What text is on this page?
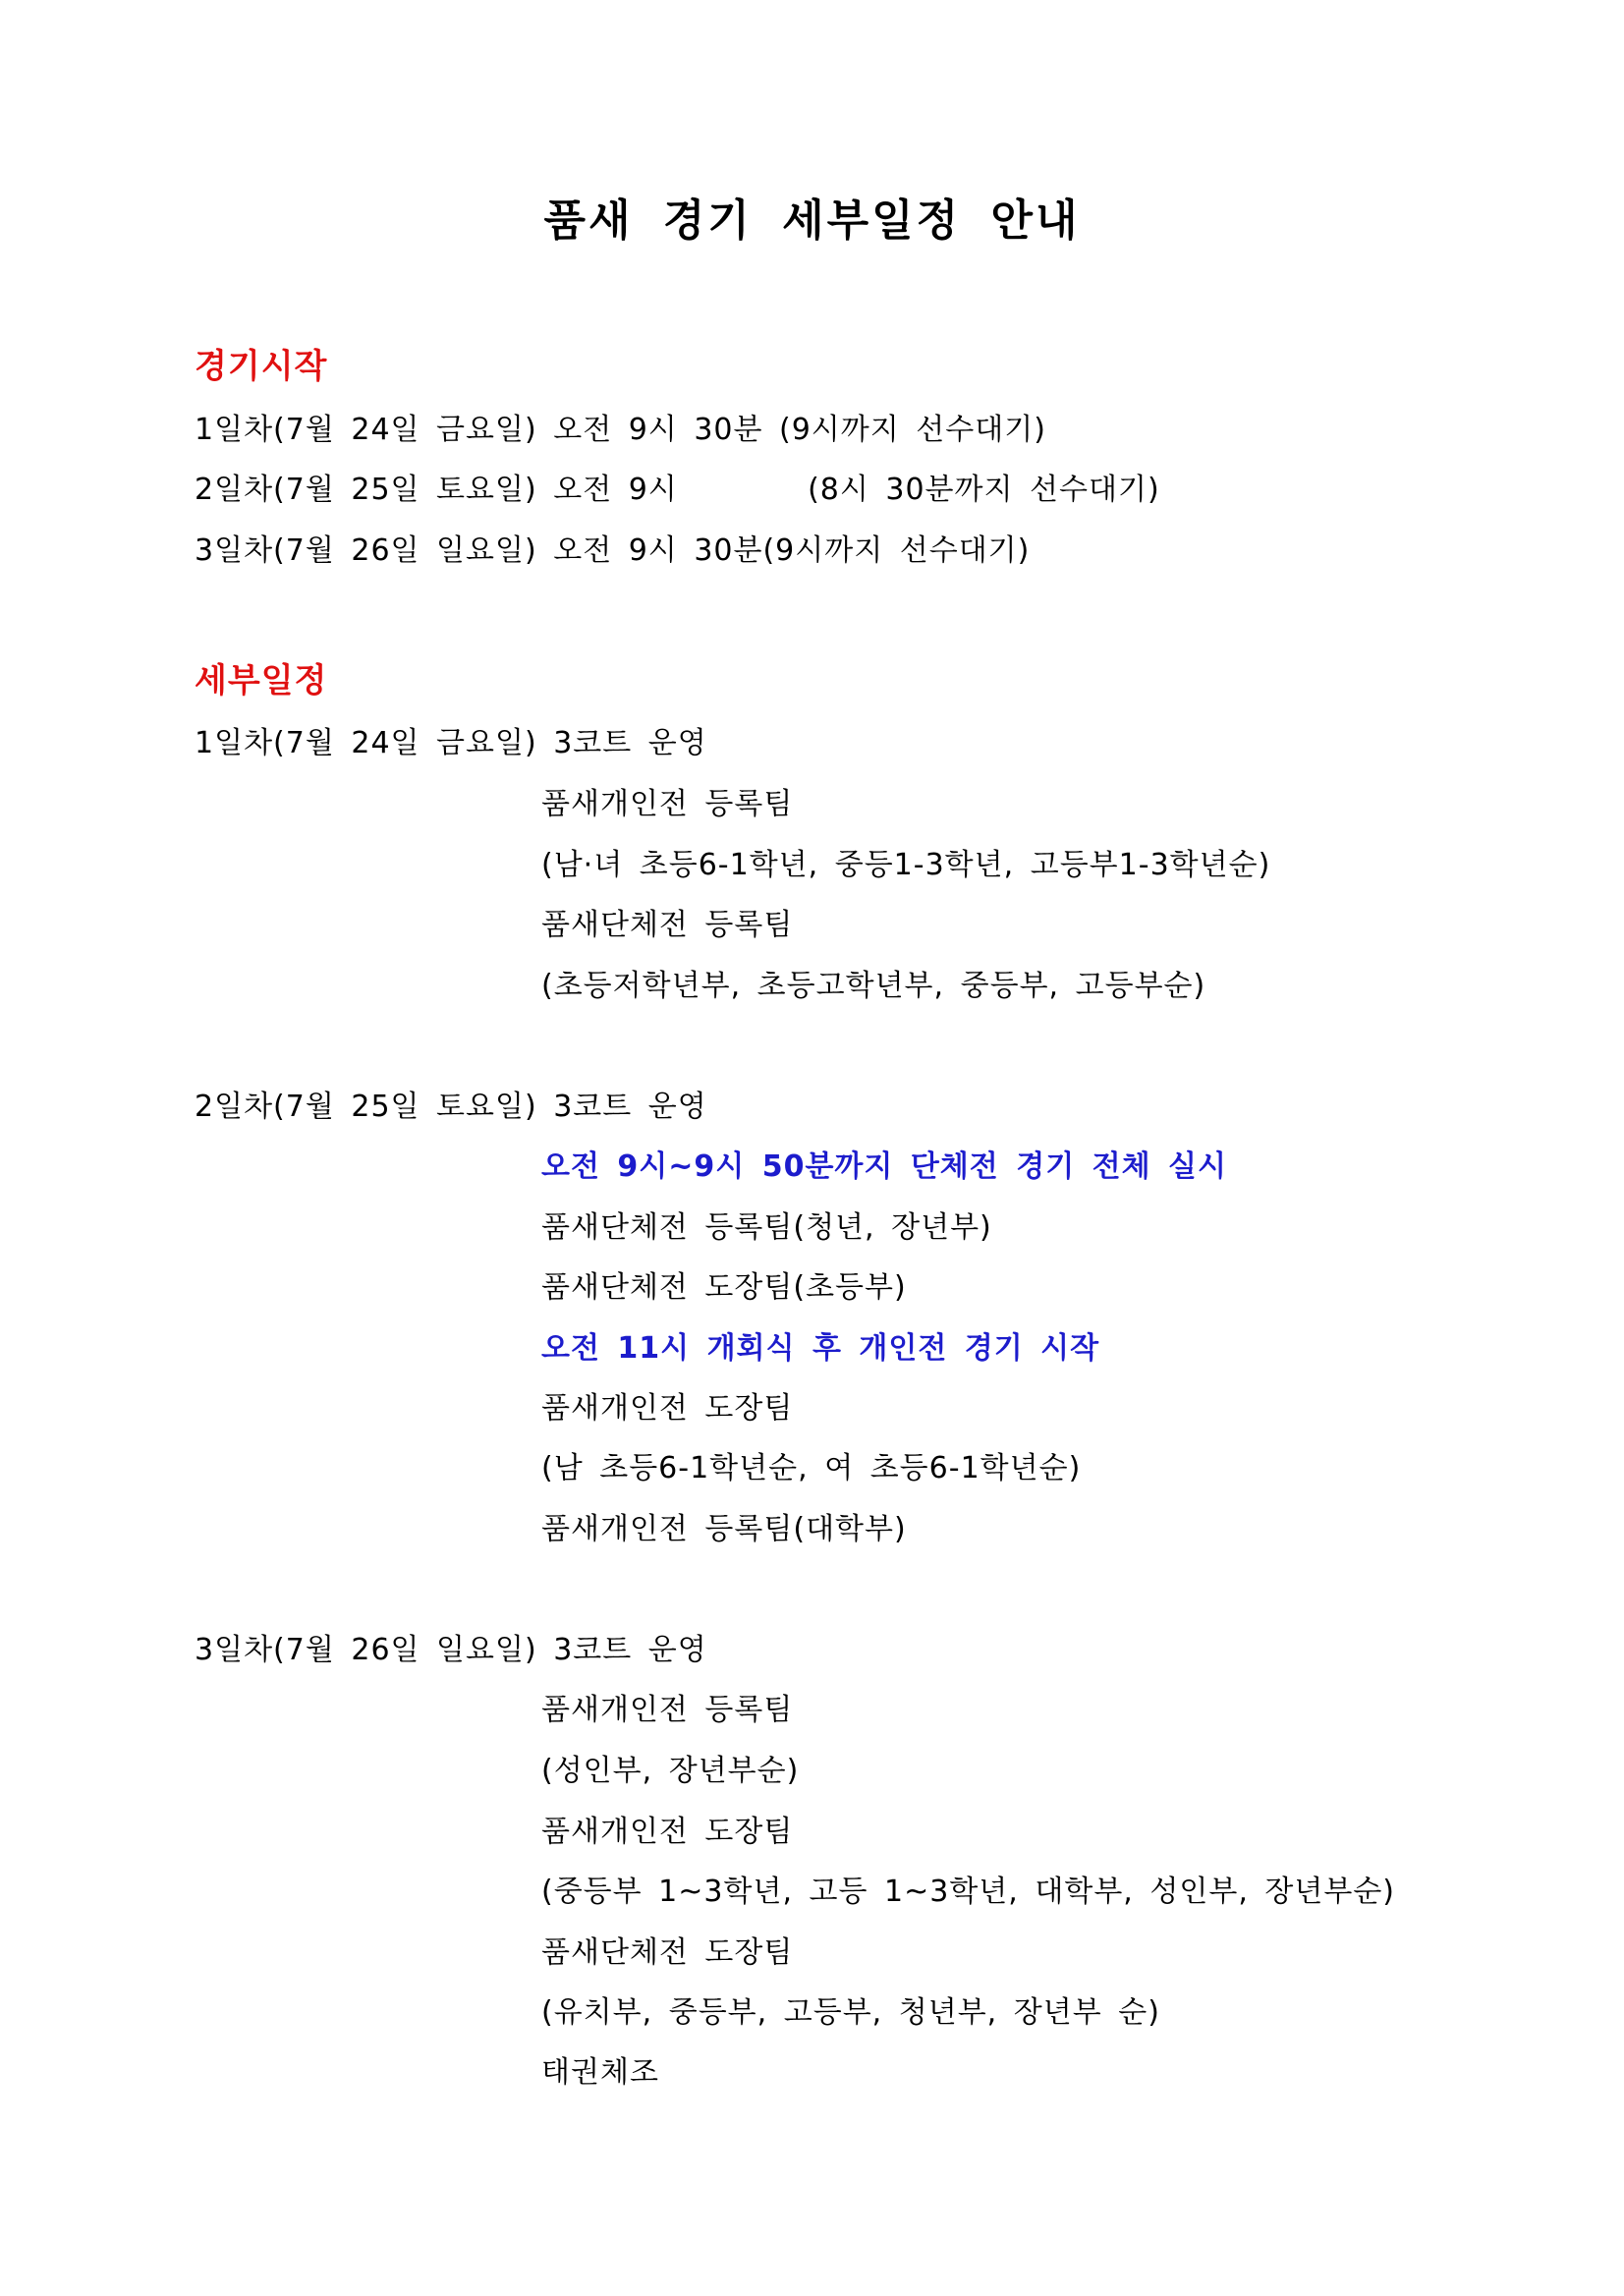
품새 경기 세부일정 안내
경기시작
1일차(7월 24일 금요일) 오전 9시 30분 (9시까지 선수대기)
2일차(7월 25일 토요일) 오전 9시        (8시 30분까지 선수대기)
3일차(7월 26일 일요일) 오전 9시 30분(9시까지 선수대기)
세부일정
1일차(7월 24일 금요일) 3코트 운영
품새개인전 등록팀
(남·녀 초등6-1학년, 중등1-3학년, 고등부1-3학년순)
품새단체전 등록팀
(초등저학년부, 초등고학년부, 중등부, 고등부순)
2일차(7월 25일 토요일) 3코트 운영
오전 9시~9시 50분까지 단체전 경기 전체 실시
품새단체전 등록팀(청년, 장년부)
품새단체전 도장팀(초등부)
오전 11시 개회식 후 개인전 경기 시작
품새개인전 도장팀
(남 초등6-1학년순, 여 초등6-1학년순)
품새개인전 등록팀(대학부)
3일차(7월 26일 일요일) 3코트 운영
품새개인전 등록팀
(성인부, 장년부순)
품새개인전 도장팀
(중등부 1~3학년, 고등 1~3학년, 대학부, 성인부, 장년부순)
품새단체전 도장팀
(유치부, 중등부, 고등부, 청년부, 장년부 순)
태권체조
